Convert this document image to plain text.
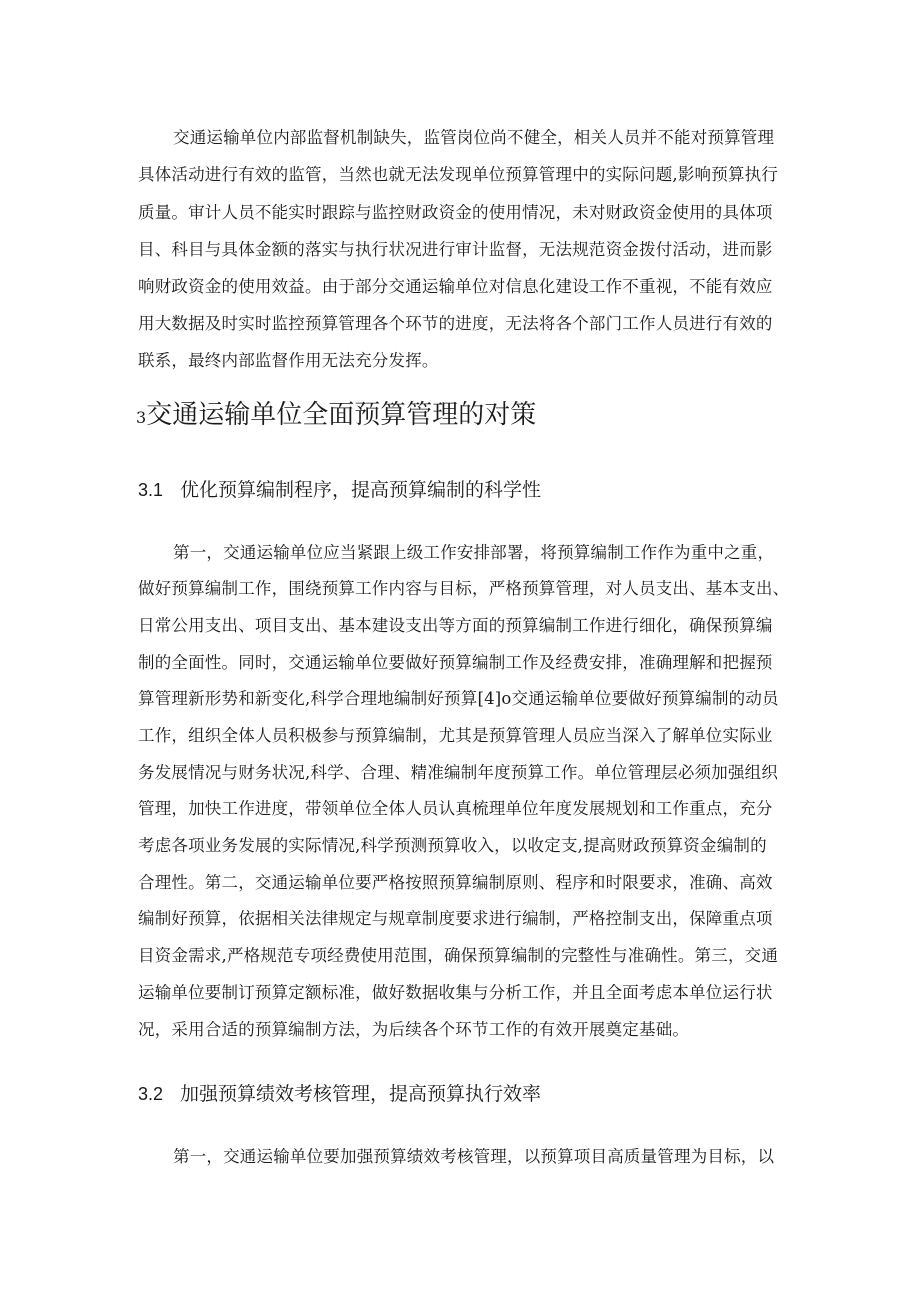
交通运输单位内部监督机制缺失，监管岗位尚不健全，相关人员并不能对预算管理
具体活动进行有效的监管，当然也就无法发现单位预算管理中的实际问题,影响预算执行
质量。审计人员不能实时跟踪与监控财政资金的使用情况，未对财政资金使用的具体项
目、科目与具体金额的落实与执行状况进行审计监督，无法规范资金拨付活动，进而影
响财政资金的使用效益。由于部分交通运输单位对信息化建设工作不重视，不能有效应
用大数据及时实时监控预算管理各个环节的进度，无法将各个部门工作人员进行有效的
联系，最终内部监督作用无法充分发挥。
3交通运输单位全面预算管理的对策
3.1 优化预算编制程序，提高预算编制的科学性
第一，交通运输单位应当紧跟上级工作安排部署，将预算编制工作作为重中之重，
做好预算编制工作，围绕预算工作内容与目标，严格预算管理，对人员支出、基本支出、
日常公用支出、项目支出、基本建设支出等方面的预算编制工作进行细化，确保预算编
制的全面性。同时，交通运输单位要做好预算编制工作及经费安排，准确理解和把握预
算管理新形势和新变化,科学合理地编制好预算[4]o交通运输单位要做好预算编制的动员
工作，组织全体人员积极参与预算编制，尤其是预算管理人员应当深入了解单位实际业
务发展情况与财务状况,科学、合理、精准编制年度预算工作。单位管理层必须加强组织
管理，加快工作进度，带领单位全体人员认真梳理单位年度发展规划和工作重点，充分
考虑各项业务发展的实际情况,科学预测预算收入，以收定支,提高财政预算资金编制的
合理性。第二，交通运输单位要严格按照预算编制原则、程序和时限要求，准确、高效
编制好预算，依据相关法律规定与规章制度要求进行编制，严格控制支出，保障重点项
目资金需求,严格规范专项经费使用范围，确保预算编制的完整性与准确性。第三，交通
运输单位要制订预算定额标准，做好数据收集与分析工作，并且全面考虑本单位运行状
况，采用合适的预算编制方法，为后续各个环节工作的有效开展奠定基础。
3.2 加强预算绩效考核管理，提高预算执行效率
第一，交通运输单位要加强预算绩效考核管理，以预算项目高质量管理为目标，以
